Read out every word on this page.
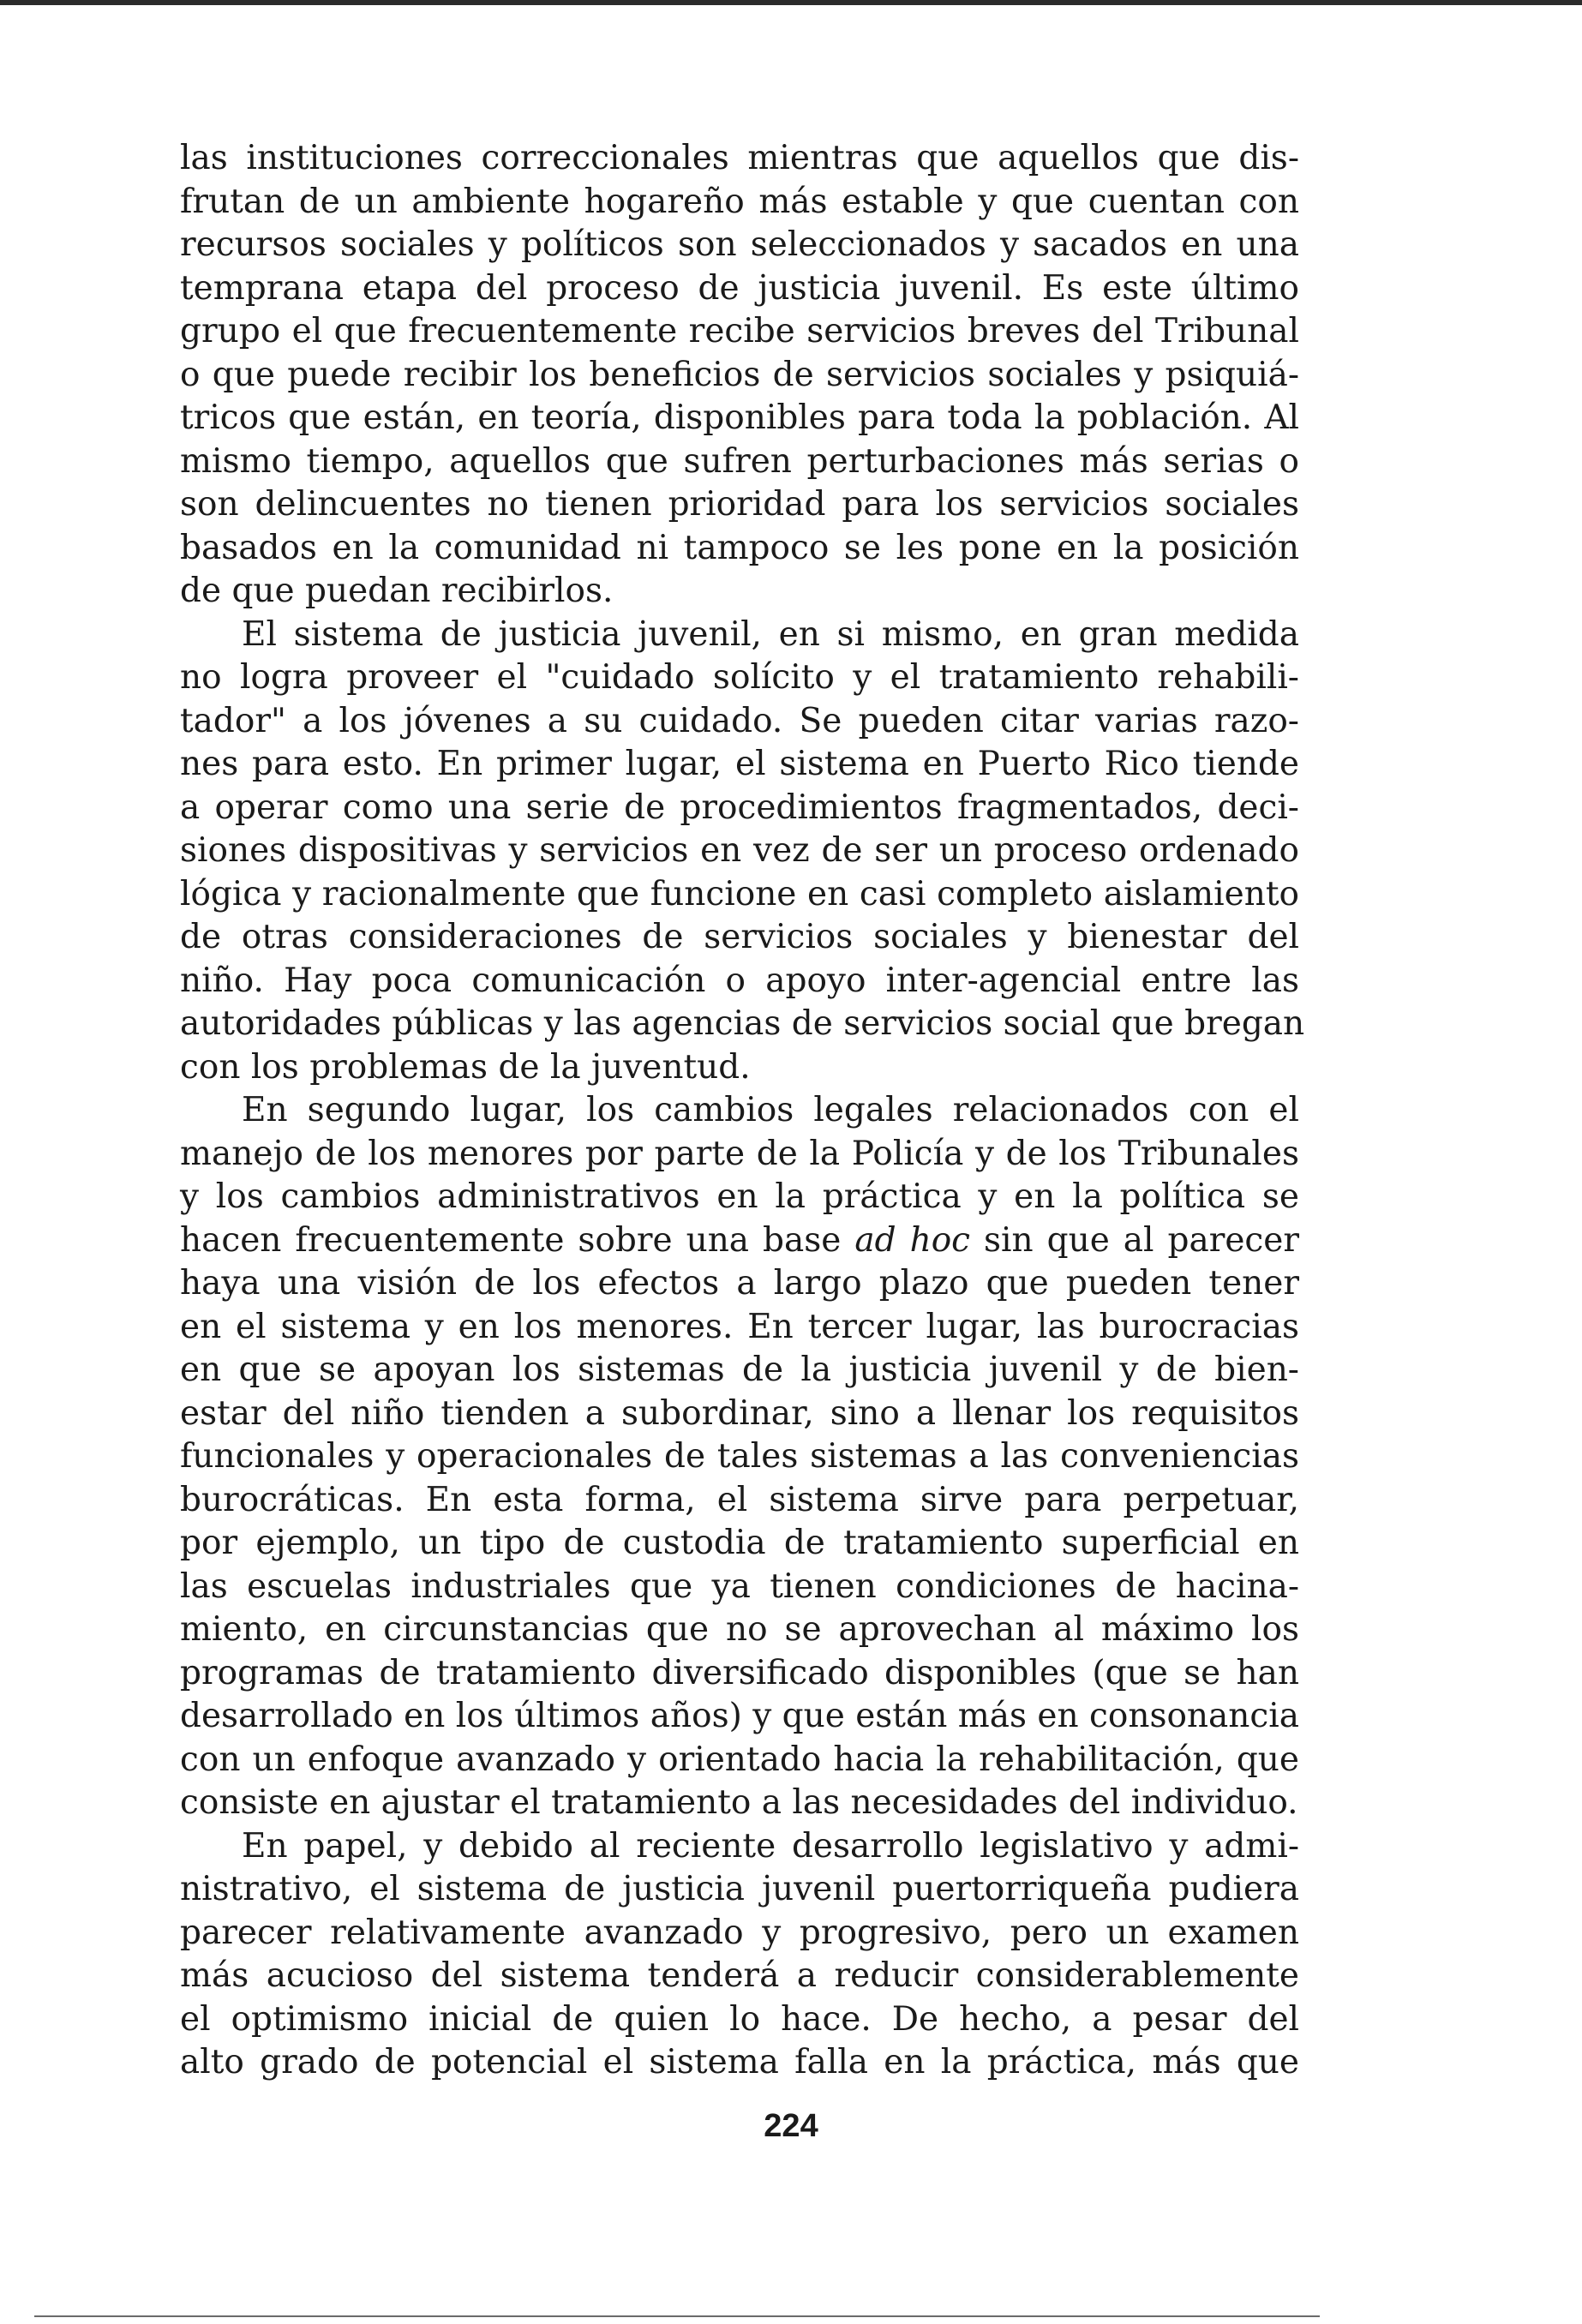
las instituciones correccionales mientras que aquellos que dis-
frutan de un ambiente hogareño más estable y que cuentan con
recursos sociales y políticos son seleccionados y sacados en una
temprana etapa del proceso de justicia juvenil. Es este último
grupo el que frecuentemente recibe servicios breves del Tribunal
o que puede recibir los beneficios de servicios sociales y psiquiá-
tricos que están, en teoría, disponibles para toda la población. Al
mismo tiempo, aquellos que sufren perturbaciones más serias o
son delincuentes no tienen prioridad para los servicios sociales
basados en la comunidad ni tampoco se les pone en la posición
de que puedan recibirlos.
El sistema de justicia juvenil, en si mismo, en gran medida
no logra proveer el "cuidado solícito y el tratamiento rehabili-
tador" a los jóvenes a su cuidado. Se pueden citar varias razo-
nes para esto. En primer lugar, el sistema en Puerto Rico tiende
a operar como una serie de procedimientos fragmentados, deci-
siones dispositivas y servicios en vez de ser un proceso ordenado
lógica y racionalmente que funcione en casi completo aislamiento
de otras consideraciones de servicios sociales y bienestar del
niño. Hay poca comunicación o apoyo inter-agencial entre las
autoridades públicas y las agencias de servicios social que bregan
con los problemas de la juventud.
En segundo lugar, los cambios legales relacionados con el
manejo de los menores por parte de la Policía y de los Tribunales
y los cambios administrativos en la práctica y en la política se
hacen frecuentemente sobre una base ad hoc sin que al parecer
haya una visión de los efectos a largo plazo que pueden tener
en el sistema y en los menores. En tercer lugar, las burocracias
en que se apoyan los sistemas de la justicia juvenil y de bien-
estar del niño tienden a subordinar, sino a llenar los requisitos
funcionales y operacionales de tales sistemas a las conveniencias
burocráticas. En esta forma, el sistema sirve para perpetuar,
por ejemplo, un tipo de custodia de tratamiento superficial en
las escuelas industriales que ya tienen condiciones de hacina-
miento, en circunstancias que no se aprovechan al máximo los
programas de tratamiento diversificado disponibles (que se han
desarrollado en los últimos años) y que están más en consonancia
con un enfoque avanzado y orientado hacia la rehabilitación, que
consiste en ajustar el tratamiento a las necesidades del individuo.
En papel, y debido al reciente desarrollo legislativo y admi-
nistrativo, el sistema de justicia juvenil puertorriqueña pudiera
parecer relativamente avanzado y progresivo, pero un examen
más acucioso del sistema tenderá a reducir considerablemente
el optimismo inicial de quien lo hace. De hecho, a pesar del
alto grado de potencial el sistema falla en la práctica, más que
224
